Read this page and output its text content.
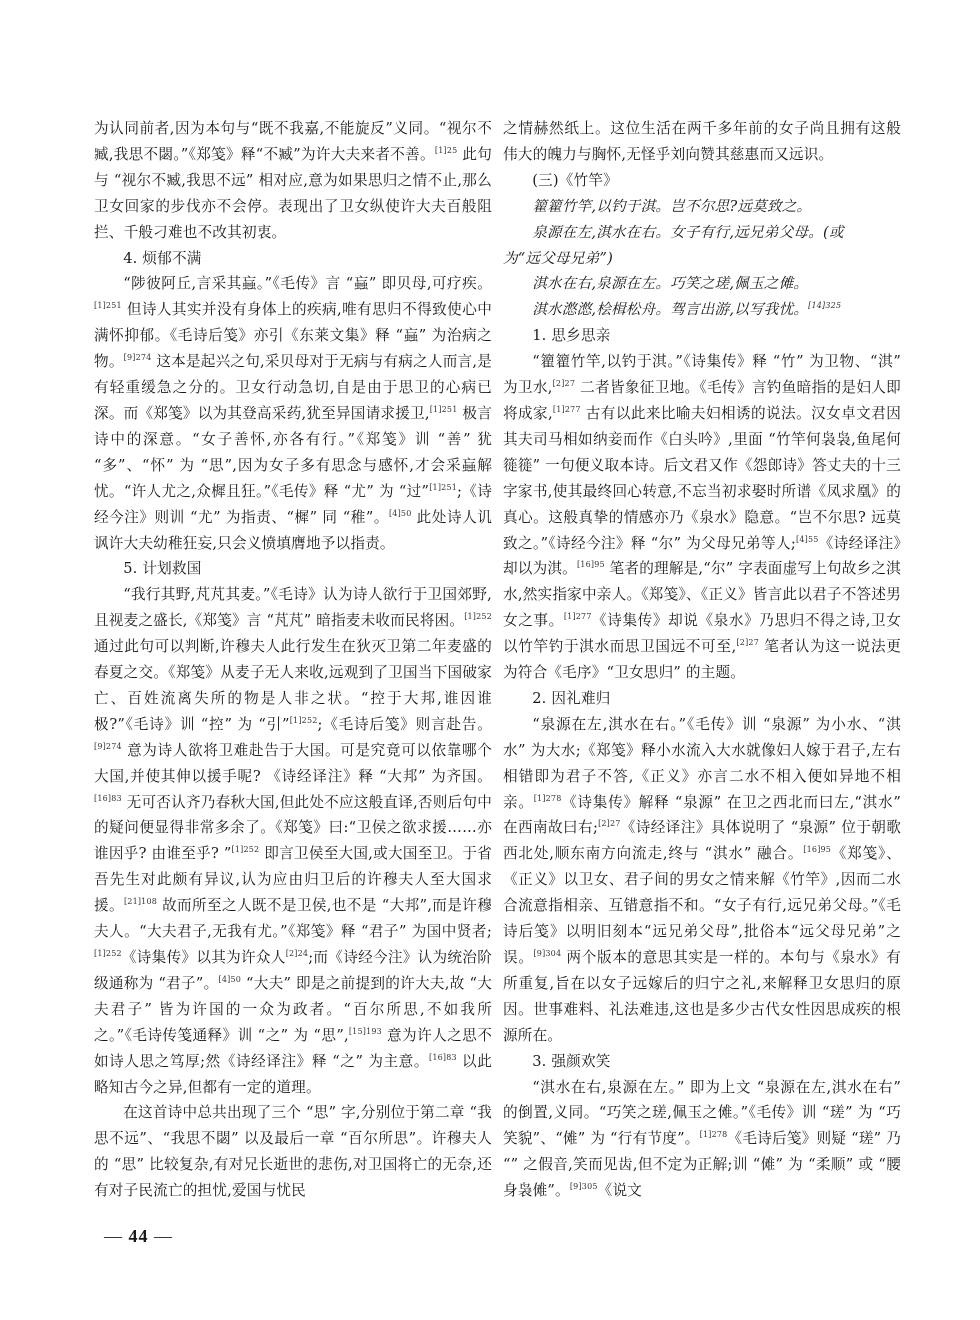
为认同前者,因为本句与“既不我嘉,不能旋反”义同。“视尔不臧,我思不閟。”《郑笺》释“不臧”为许大夫来者不善。$^{[1]25}$ 此句与 “视尔不臧,我思不远” 相对应,意为如果思归之情不止,那么卫女回家的步伐亦不会停。表现出了卫女纵使许大夫百般阻拦、千般刁难也不改其初衷。

4. 烦郁不满

“陟彼阿丘,言采其蝱。”《毛传》言 “蝱” 即贝母,可疗疾。$^{[1]251}$ 但诗人其实并没有身体上的疾病,唯有思归不得致使心中满怀抑郁。《毛诗后笺》亦引《东莱文集》释 “蝱” 为治病之物。$^{[9]274}$ 这本是起兴之句,采贝母对于无病与有病之人而言,是有轻重缓急之分的。卫女行动急切,自是由于思卫的心病已深。而《郑笺》以为其登高采药,犹至异国请求援卫,$^{[1]251}$ 极言诗中的深意。“女子善怀,亦各有行。”《郑笺》训 “善” 犹 “多”、“怀” 为 “思”,因为女子多有思念与感怀,才会采蝱解忧。“许人尤之,众樨且狂。”《毛传》释 “尤” 为 “过”$^{[1]251}$;《诗经今注》则训 “尤” 为指责、“樨” 同 “稚”。$^{[4]50}$ 此处诗人讥讽许大夫幼稚狂妄,只会义愤填膺地予以指责。

5. 计划救国

“我行其野,芃芃其麦。”《毛诗》认为诗人欲行于卫国郊野,且视麦之盛长,《郑笺》言 “芃芃” 暗指麦未收而民将困。$^{[1]252}$ 通过此句可以判断,许穆夫人此行发生在狄灭卫第二年麦盛的春夏之交。《郑笺》从麦子无人来收,远观到了卫国当下国破家亡、百姓流离失所的物是人非之状。“控于大邦,谁因谁极?”《毛诗》训 “控” 为 “引”$^{[1]252}$;《毛诗后笺》则言赴告。$^{[9]274}$ 意为诗人欲将卫难赴告于大国。可是究竟可以依靠哪个大国,并使其伸以援手呢? 《诗经译注》释 “大邦” 为齐国。$^{[16]83}$ 无可否认齐乃春秋大国,但此处不应这般直译,否则后句中的疑问便显得非常多余了。《郑笺》曰:“卫侯之欲求援……亦谁因乎? 由谁至乎? ”$^{[1]252}$ 即言卫侯至大国,或大国至卫。于省吾先生对此颇有异议,认为应由归卫后的许穆夫人至大国求援。$^{[21]108}$ 故而所至之人既不是卫侯,也不是 “大邦”,而是许穆夫人。“大夫君子,无我有尤。”《郑笺》释 “君子” 为国中贤者;$^{[1]252}$《诗集传》以其为许众人$^{[2]24}$;而《诗经今注》认为统治阶级通称为 “君子”。$^{[4]50}$ “大夫” 即是之前提到的许大夫,故 “大夫君子” 皆为许国的一众为政者。“百尔所思,不如我所之。”《毛诗传笺通释》训 “之” 为 “思”,$^{[15]193}$ 意为许人之思不如诗人思之笃厚;然《诗经译注》释 “之” 为主意。$^{[16]83}$ 以此略知古今之异,但都有一定的道理。

在这首诗中总共出现了三个 “思” 字,分别位于第二章 “我思不远”、“我思不閟” 以及最后一章 “百尔所思”。许穆夫人的 “思” 比较复杂,有对兄长逝世的悲伤,对卫国将亡的无奈,还有对子民流亡的担忧,爱国与忧民

之情赫然纸上。这位生活在两千多年前的女子尚且拥有这般伟大的魄力与胸怀,无怪乎刘向赞其慈惠而又远识。

(三)《竹竿》

籊籊竹竿,以钓于淇。岂不尔思?远莫致之。

泉源在左,淇水在右。女子有行,远兄弟父母。(或

为“远父母兄弟”)

淇水在右,泉源在左。巧笑之瑳,佩玉之傩。

淇水滺滺,桧楫松舟。驾言出游,以写我忧。$^{[14]325}$

1. 思乡思亲

“籊籊竹竿,以钓于淇。”《诗集传》释 “竹” 为卫物、“淇” 为卫水,$^{[2]27}$ 二者皆象征卫地。《毛传》言钓鱼暗指的是妇人即将成家,$^{[1]277}$ 古有以此来比喻夫妇相诱的说法。汉女卓文君因其夫司马相如纳妾而作《白头吟》,里面 “竹竿何袅袅,鱼尾何簁簁” 一句便义取本诗。后文君又作《怨郎诗》答丈夫的十三字家书,使其最终回心转意,不忘当初求娶时所谱《凤求凰》的真心。这般真挚的情感亦乃《泉水》隐意。“岂不尔思? 远莫致之。”《诗经今注》释 “尔” 为父母兄弟等人;$^{[4]55}$《诗经译注》却以为淇。$^{[16]95}$ 笔者的理解是,“尔” 字表面虚写上句故乡之淇水,然实指家中亲人。《郑笺》、《正义》皆言此以君子不答述男女之事。$^{[1]277}$《诗集传》却说《泉水》乃思归不得之诗,卫女以竹竿钓于淇水而思卫国远不可至,$^{[2]27}$ 笔者认为这一说法更为符合《毛序》“卫女思归” 的主题。

2. 因礼难归

“泉源在左,淇水在右。”《毛传》训 “泉源” 为小水、“淇水” 为大水;《郑笺》释小水流入大水就像妇人嫁于君子,左右相错即为君子不答,《正义》亦言二水不相入便如异地不相亲。$^{[1]278}$《诗集传》解释 “泉源” 在卫之西北而曰左,“淇水” 在西南故曰右;$^{[2]27}$《诗经译注》具体说明了 “泉源” 位于朝歌西北处,顺东南方向流走,终与 “淇水” 融合。$^{[16]95}$《郑笺》、《正义》以卫女、君子间的男女之情来解《竹竿》,因而二水合流意指相亲、互错意指不和。“女子有行,远兄弟父母。”《毛诗后笺》以明旧刻本“远兄弟父母”,批俗本“远父母兄弟”之误。$^{[9]304}$ 两个版本的意思其实是一样的。本句与《泉水》有所重复,旨在以女子远嫁后的归宁之礼,来解释卫女思归的原因。世事难料、礼法难违,这也是多少古代女性因思成疾的根源所在。

3. 强颜欢笑

“淇水在右,泉源在左。” 即为上文 “泉源在左,淇水在右” 的倒置,义同。“巧笑之瑳,佩玉之傩。”《毛传》训 “瑳” 为 “巧笑貌”、“傩” 为 “行有节度”。$^{[1]278}$《毛诗后笺》则疑 “瑳” 乃 “” 之假音,笑而见齿,但不定为正解;训 “傩” 为 “柔顺” 或 “腰身袅傩”。$^{[9]305}$《说文

— 44 —
